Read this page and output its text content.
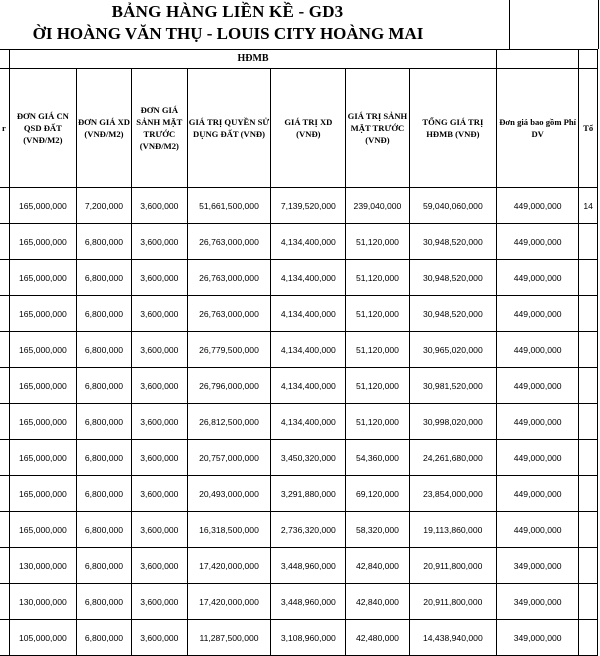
BẢNG HÀNG LIỀN KỀ - GD3
ỜI HOÀNG VĂN THỤ - LOUIS CITY HOÀNG MAI
	HĐMB								
r	ĐƠN GIÁ CN QSD ĐẤT (VNĐ/M2)	ĐƠN GIÁ XD (VNĐ/M2)	ĐƠN GIÁ SẢNH MẶT TRƯỚC (VNĐ/M2)	GIÁ TRỊ QUYỀN SỬ DỤNG ĐẤT (VNĐ)	GIÁ TRỊ XD (VNĐ)	GIÁ TRỊ SẢNH MẶT TRƯỚC (VNĐ)	TỔNG GIÁ TRỊ HĐMB (VNĐ)	Đơn giá bao gồm Phí DV	Tổ
	165,000,000	7,200,000	3,600,000	51,661,500,000	7,139,520,000	239,040,000	59,040,060,000	449,000,000	14
	165,000,000	6,800,000	3,600,000	26,763,000,000	4,134,400,000	51,120,000	30,948,520,000	449,000,000	
	165,000,000	6,800,000	3,600,000	26,763,000,000	4,134,400,000	51,120,000	30,948,520,000	449,000,000	
	165,000,000	6,800,000	3,600,000	26,763,000,000	4,134,400,000	51,120,000	30,948,520,000	449,000,000	
	165,000,000	6,800,000	3,600,000	26,779,500,000	4,134,400,000	51,120,000	30,965,020,000	449,000,000	
	165,000,000	6,800,000	3,600,000	26,796,000,000	4,134,400,000	51,120,000	30,981,520,000	449,000,000	
	165,000,000	6,800,000	3,600,000	26,812,500,000	4,134,400,000	51,120,000	30,998,020,000	449,000,000	
	165,000,000	6,800,000	3,600,000	20,757,000,000	3,450,320,000	54,360,000	24,261,680,000	449,000,000	
	165,000,000	6,800,000	3,600,000	20,493,000,000	3,291,880,000	69,120,000	23,854,000,000	449,000,000	
	165,000,000	6,800,000	3,600,000	16,318,500,000	2,736,320,000	58,320,000	19,113,860,000	449,000,000	
	130,000,000	6,800,000	3,600,000	17,420,000,000	3,448,960,000	42,840,000	20,911,800,000	349,000,000	
	130,000,000	6,800,000	3,600,000	17,420,000,000	3,448,960,000	42,840,000	20,911,800,000	349,000,000	
	105,000,000	6,800,000	3,600,000	11,287,500,000	3,108,960,000	42,480,000	14,438,940,000	349,000,000	
